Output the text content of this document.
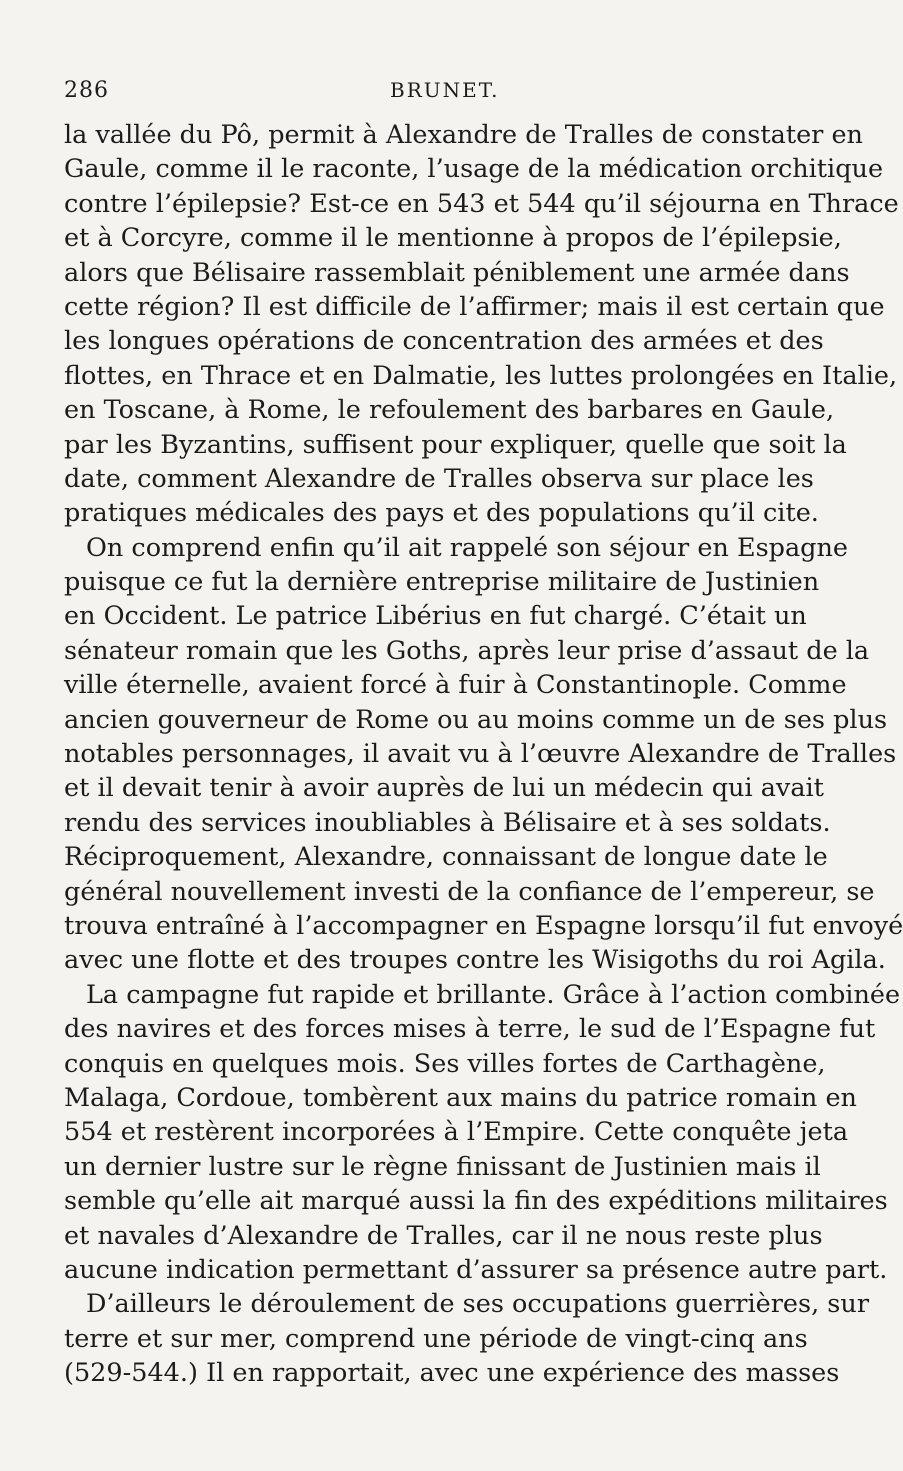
286	BRUNET.
la vallée du Pô, permit à Alexandre de Tralles de constater en
Gaule, comme il le raconte, l’usage de la médication orchitique
contre l’épilepsie? Est-ce en 543 et 544 qu’il séjourna en Thrace
et à Corcyre, comme il le mentionne à propos de l’épilepsie,
alors que Bélisaire rassemblait péniblement une armée dans
cette région? Il est difficile de l’affirmer; mais il est certain que
les longues opérations de concentration des armées et des
flottes, en Thrace et en Dalmatie, les luttes prolongées en Italie,
en Toscane, à Rome, le refoulement des barbares en Gaule,
par les Byzantins, suffisent pour expliquer, quelle que soit la
date, comment Alexandre de Tralles observa sur place les
pratiques médicales des pays et des populations qu’il cite.
On comprend enfin qu’il ait rappelé son séjour en Espagne
puisque ce fut la dernière entreprise militaire de Justinien
en Occident. Le patrice Libérius en fut chargé. C’était un
sénateur romain que les Goths, après leur prise d’assaut de la
ville éternelle, avaient forcé à fuir à Constantinople. Comme
ancien gouverneur de Rome ou au moins comme un de ses plus
notables personnages, il avait vu à l’œuvre Alexandre de Tralles
et il devait tenir à avoir auprès de lui un médecin qui avait
rendu des services inoubliables à Bélisaire et à ses soldats.
Réciproquement, Alexandre, connaissant de longue date le
général nouvellement investi de la confiance de l’empereur, se
trouva entraîné à l’accompagner en Espagne lorsqu’il fut envoyé
avec une flotte et des troupes contre les Wisigoths du roi Agila.
La campagne fut rapide et brillante. Grâce à l’action combinée
des navires et des forces mises à terre, le sud de l’Espagne fut
conquis en quelques mois. Ses villes fortes de Carthagène,
Malaga, Cordoue, tombèrent aux mains du patrice romain en
554 et restèrent incorporées à l’Empire. Cette conquête jeta
un dernier lustre sur le règne finissant de Justinien mais il
semble qu’elle ait marqué aussi la fin des expéditions militaires
et navales d’Alexandre de Tralles, car il ne nous reste plus
aucune indication permettant d’assurer sa présence autre part.
D’ailleurs le déroulement de ses occupations guerrières, sur
terre et sur mer, comprend une période de vingt-cinq ans
(529-544.) Il en rapportait, avec une expérience des masses
